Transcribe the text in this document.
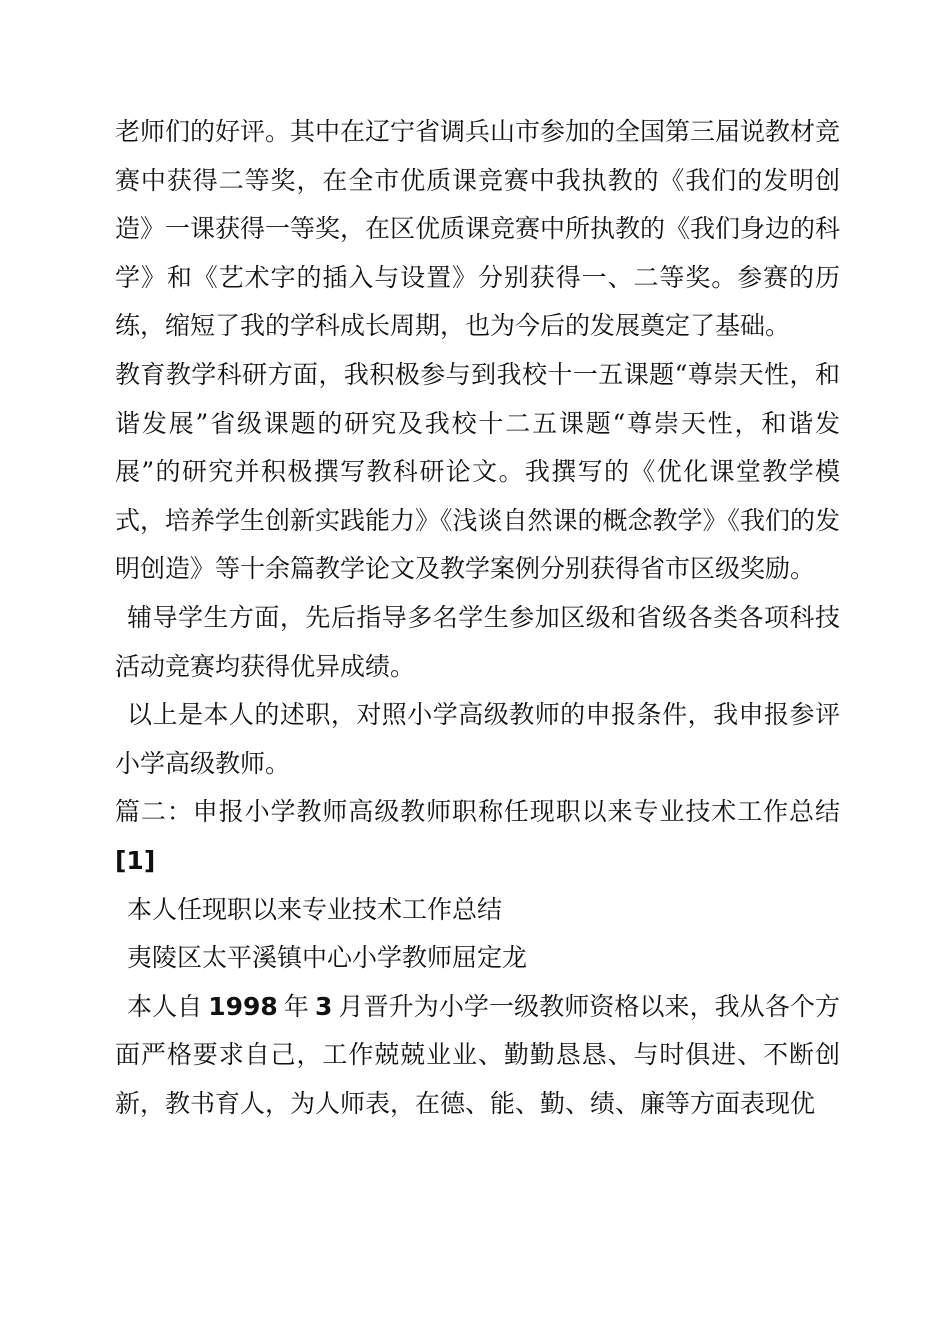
老师们的好评。其中在辽宁省调兵山市参加的全国第三届说教材竞赛中获得二等奖，在全市优质课竞赛中我执教的《我们的发明创造》一课获得一等奖，在区优质课竞赛中所执教的《我们身边的科学》和《艺术字的插入与设置》分别获得一、二等奖。参赛的历练，缩短了我的学科成长周期，也为今后的发展奠定了基础。

教育教学科研方面，我积极参与到我校十一五课题“尊崇天性，和谐发展”省级课题的研究及我校十二五课题“尊崇天性，和谐发展”的研究并积极撰写教科研论文。我撰写的《优化课堂教学模式，培养学生创新实践能力》《浅谈自然课的概念教学》《我们的发明创造》等十余篇教学论文及教学案例分别获得省市区级奖励。

辅导学生方面，先后指导多名学生参加区级和省级各类各项科技活动竞赛均获得优异成绩。

以上是本人的述职，对照小学高级教师的申报条件，我申报参评小学高级教师。

篇二：申报小学教师高级教师职称任现职以来专业技术工作总结[1]

本人任现职以来专业技术工作总结

夷陵区太平溪镇中心小学教师屈定龙

本人自 1998 年 3 月晋升为小学一级教师资格以来，我从各个方面严格要求自己，工作兢兢业业、勤勤恳恳、与时俱进、不断创新，教书育人，为人师表，在德、能、勤、绩、廉等方面表现优
